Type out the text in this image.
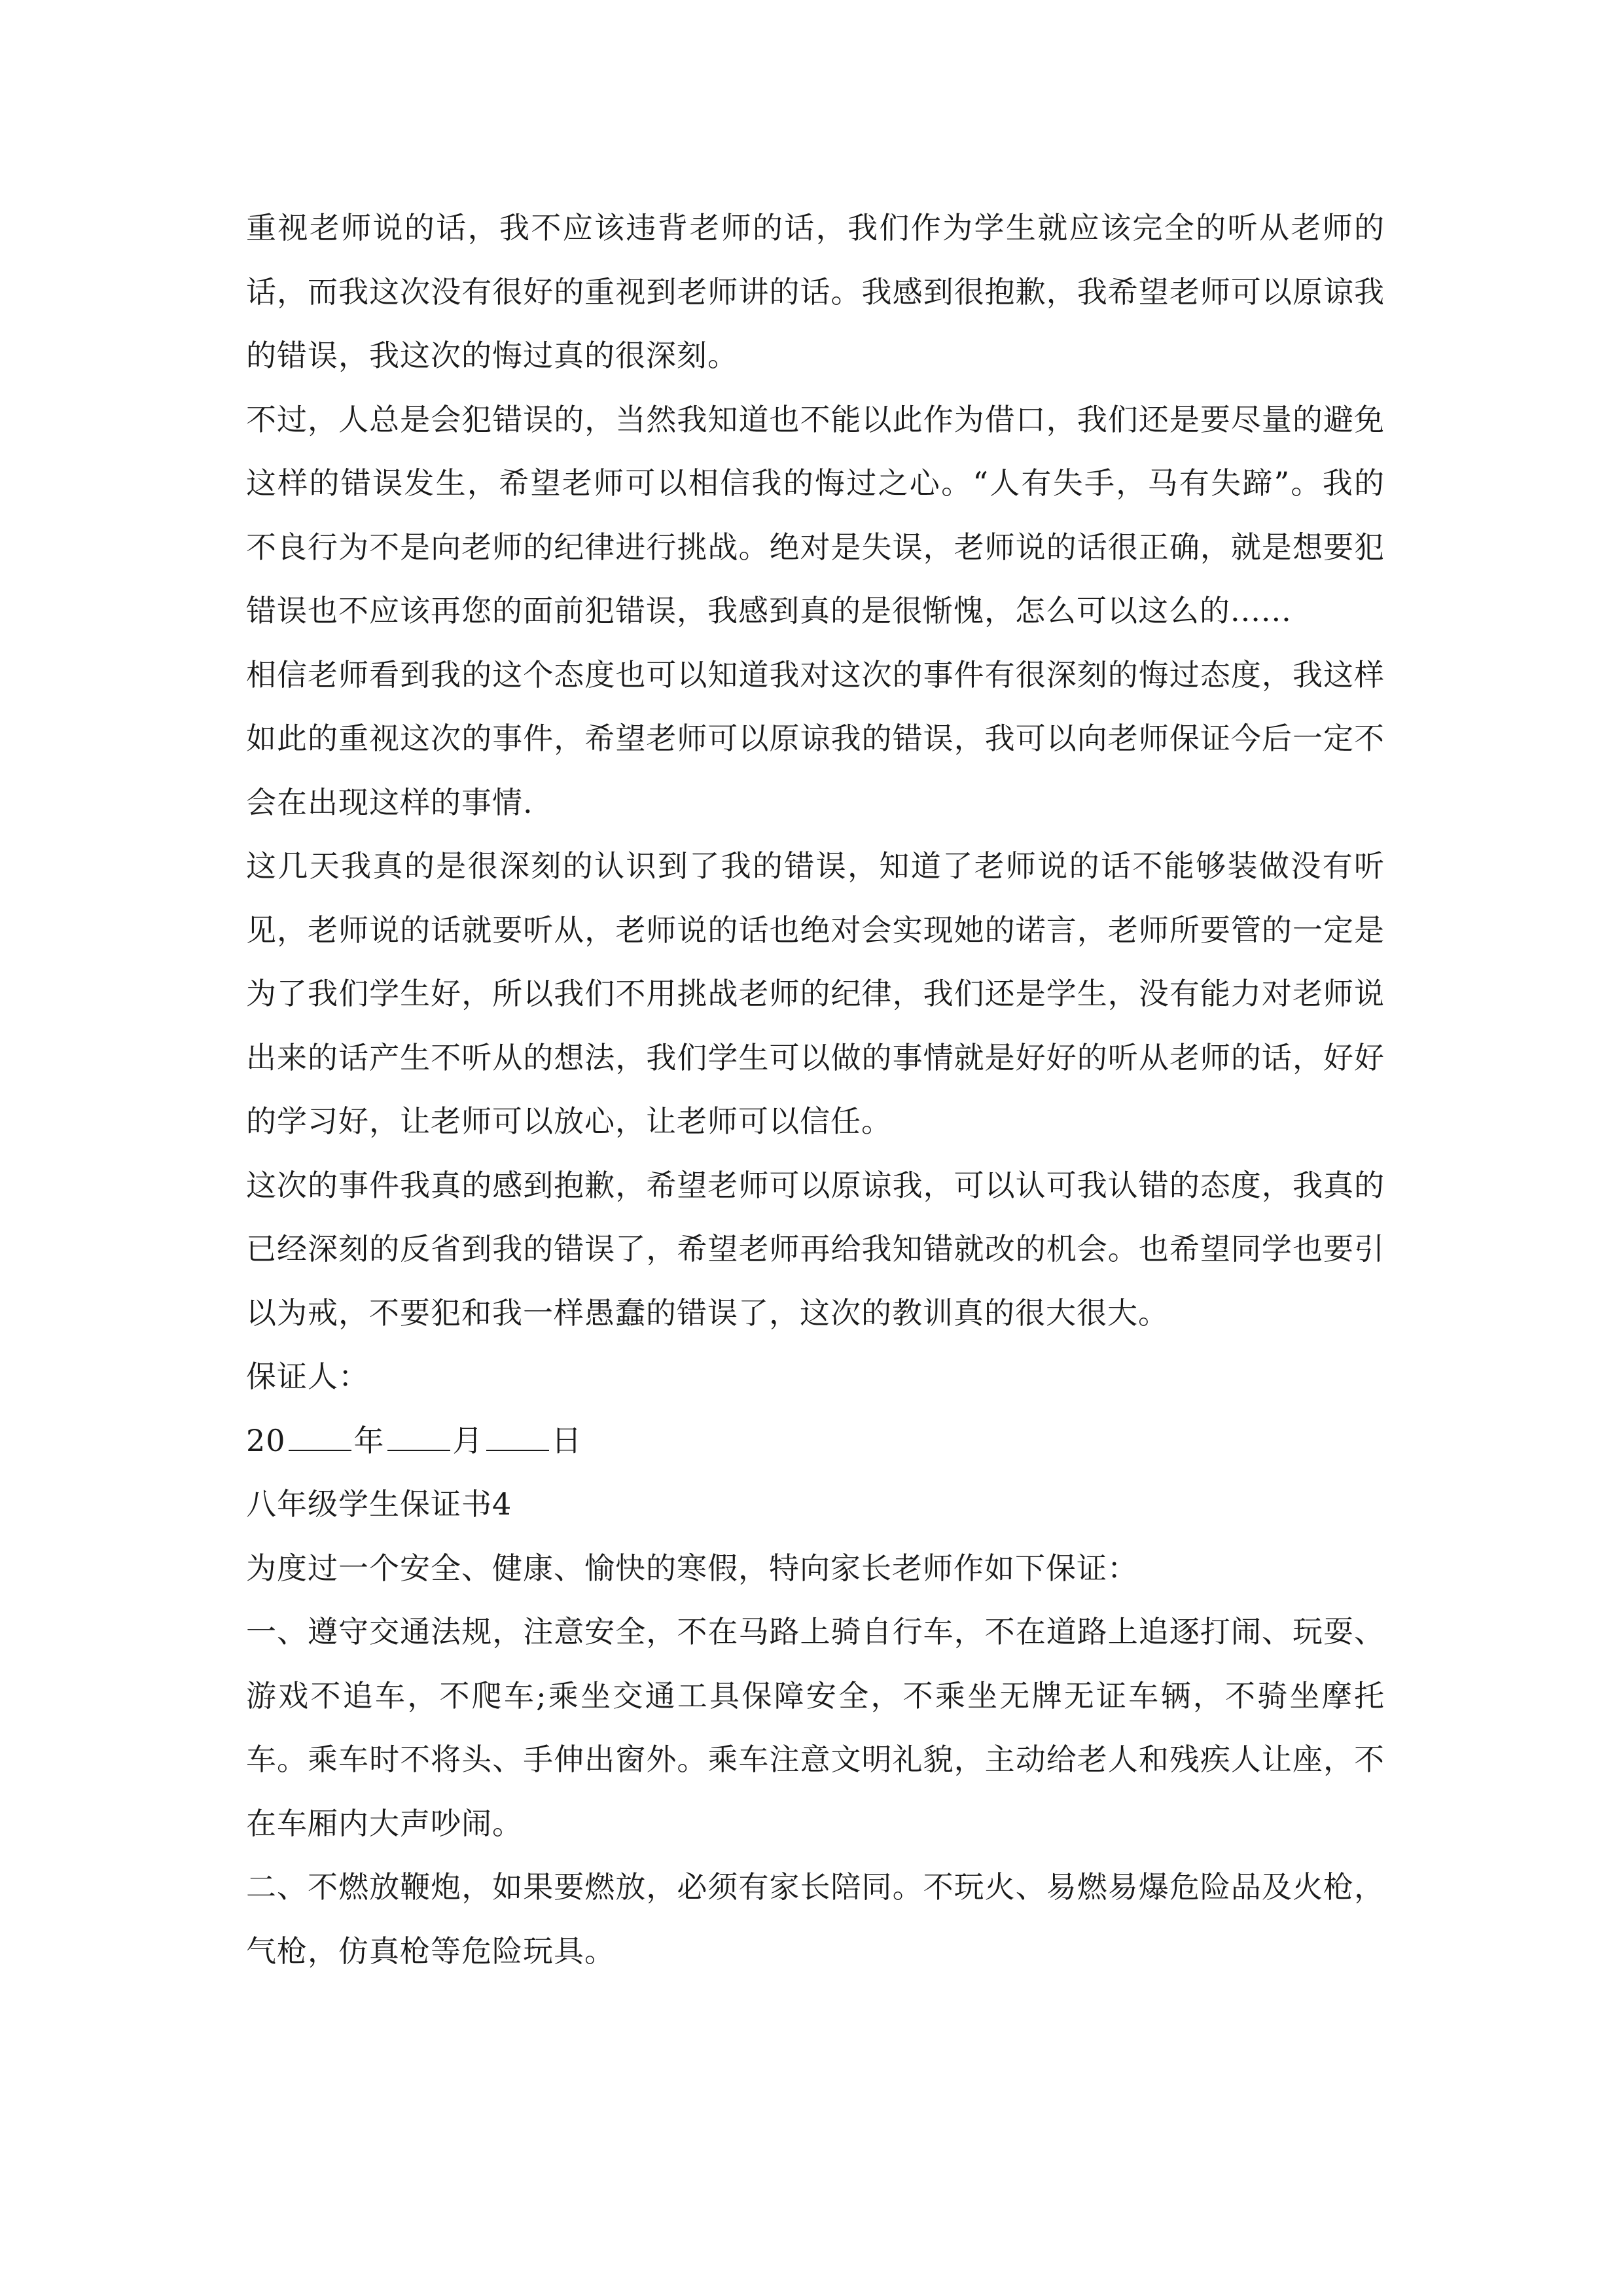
重视老师说的话，我不应该违背老师的话，我们作为学生就应该完全的听从老师的话，而我这次没有很好的重视到老师讲的话。我感到很抱歉，我希望老师可以原谅我的错误，我这次的悔过真的很深刻。

不过，人总是会犯错误的，当然我知道也不能以此作为借口，我们还是要尽量的避免这样的错误发生，希望老师可以相信我的悔过之心。“人有失手，马有失蹄”。我的不良行为不是向老师的纪律进行挑战。绝对是失误，老师说的话很正确，就是想要犯错误也不应该再您的面前犯错误，我感到真的是很惭愧，怎么可以这么的......

相信老师看到我的这个态度也可以知道我对这次的事件有很深刻的悔过态度，我这样如此的重视这次的事件，希望老师可以原谅我的错误，我可以向老师保证今后一定不会在出现这样的事情.

这几天我真的是很深刻的认识到了我的错误，知道了老师说的话不能够装做没有听见，老师说的话就要听从，老师说的话也绝对会实现她的诺言，老师所要管的一定是为了我们学生好，所以我们不用挑战老师的纪律，我们还是学生，没有能力对老师说出来的话产生不听从的想法，我们学生可以做的事情就是好好的听从老师的话，好好的学习好，让老师可以放心，让老师可以信任。

这次的事件我真的感到抱歉，希望老师可以原谅我，可以认可我认错的态度，我真的已经深刻的反省到我的错误了，希望老师再给我知错就改的机会。也希望同学也要引以为戒，不要犯和我一样愚蠢的错误了，这次的教训真的很大很大。

保证人：

20 年 月 日

八年级学生保证书4

为度过一个安全、健康、愉快的寒假，特向家长老师作如下保证：

一、遵守交通法规，注意安全，不在马路上骑自行车，不在道路上追逐打闹、玩耍、游戏不追车，不爬车;乘坐交通工具保障安全，不乘坐无牌无证车辆，不骑坐摩托车。乘车时不将头、手伸出窗外。乘车注意文明礼貌，主动给老人和残疾人让座，不在车厢内大声吵闹。

二、不燃放鞭炮，如果要燃放，必须有家长陪同。不玩火、易燃易爆危险品及火枪，气枪，仿真枪等危险玩具。
